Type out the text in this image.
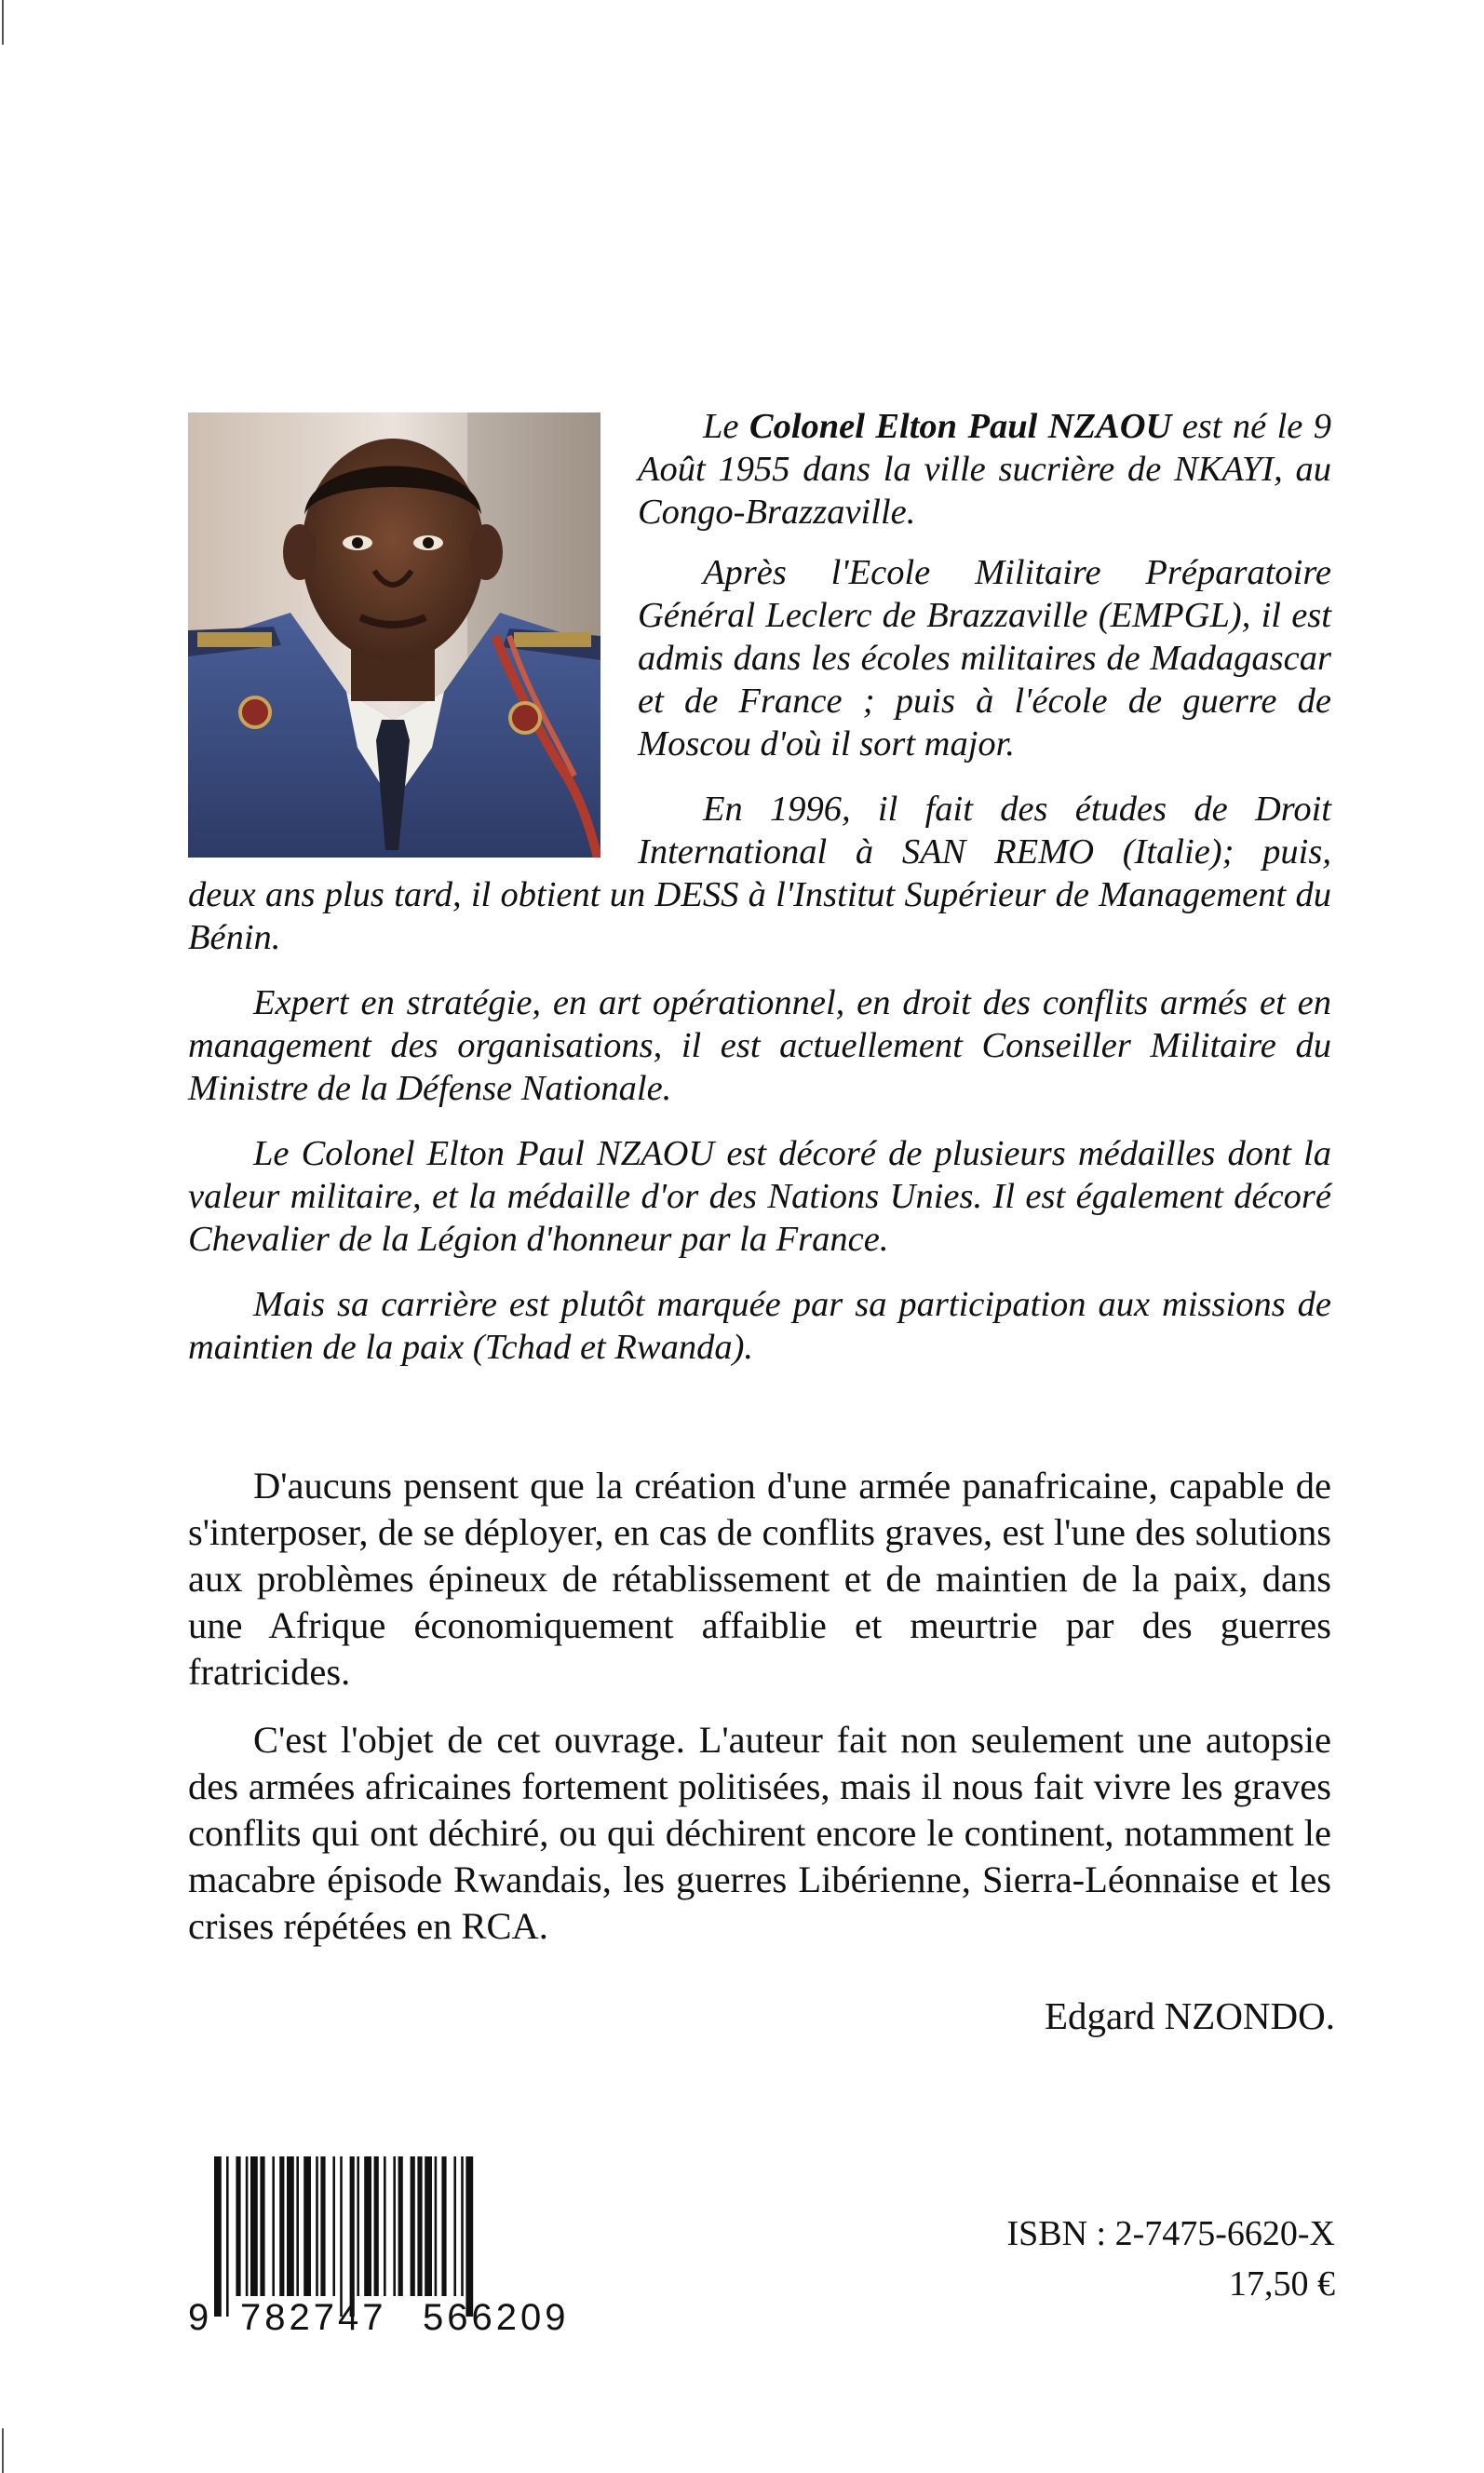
Le Colonel Elton Paul NZAOU est né le 9 Août 1955 dans la ville sucrière de NKAYI, au Congo-Brazzaville.

Après l'Ecole Militaire Préparatoire Général Leclerc de Brazzaville (EMPGL), il est admis dans les écoles militaires de Madagascar et de France ; puis à l'école de guerre de Moscou d'où il sort major.

En 1996, il fait des études de Droit International à SAN REMO (Italie); puis,

deux ans plus tard, il obtient un DESS à l'Institut Supérieur de Management du Bénin.

Expert en stratégie, en art opérationnel, en droit des conflits armés et en management des organisations, il est actuellement Conseiller Militaire du Ministre de la Défense Nationale.

Le Colonel Elton Paul NZAOU est décoré de plusieurs médailles dont la valeur militaire, et la médaille d'or des Nations Unies. Il est également décoré Chevalier de la Légion d'honneur par la France.

Mais sa carrière est plutôt marquée par sa participation aux missions de maintien de la paix (Tchad et Rwanda).

D'aucuns pensent que la création d'une armée panafricaine, capable de s'interposer, de se déployer, en cas de conflits graves, est l'une des solutions aux problèmes épineux de rétablissement et de maintien de la paix, dans une Afrique économiquement affaiblie et meurtrie par des guerres fratricides.

C'est l'objet de cet ouvrage. L'auteur fait non seulement une autopsie des armées africaines fortement politisées, mais il nous fait vivre les graves conflits qui ont déchiré, ou qui déchirent encore le continent, notamment le macabre épisode Rwandais, les guerres Libérienne, Sierra-Léonnaise et les crises répétées en RCA.

Edgard NZONDO.

9 782747 566209

ISBN : 2-7475-6620-X

17,50 €
